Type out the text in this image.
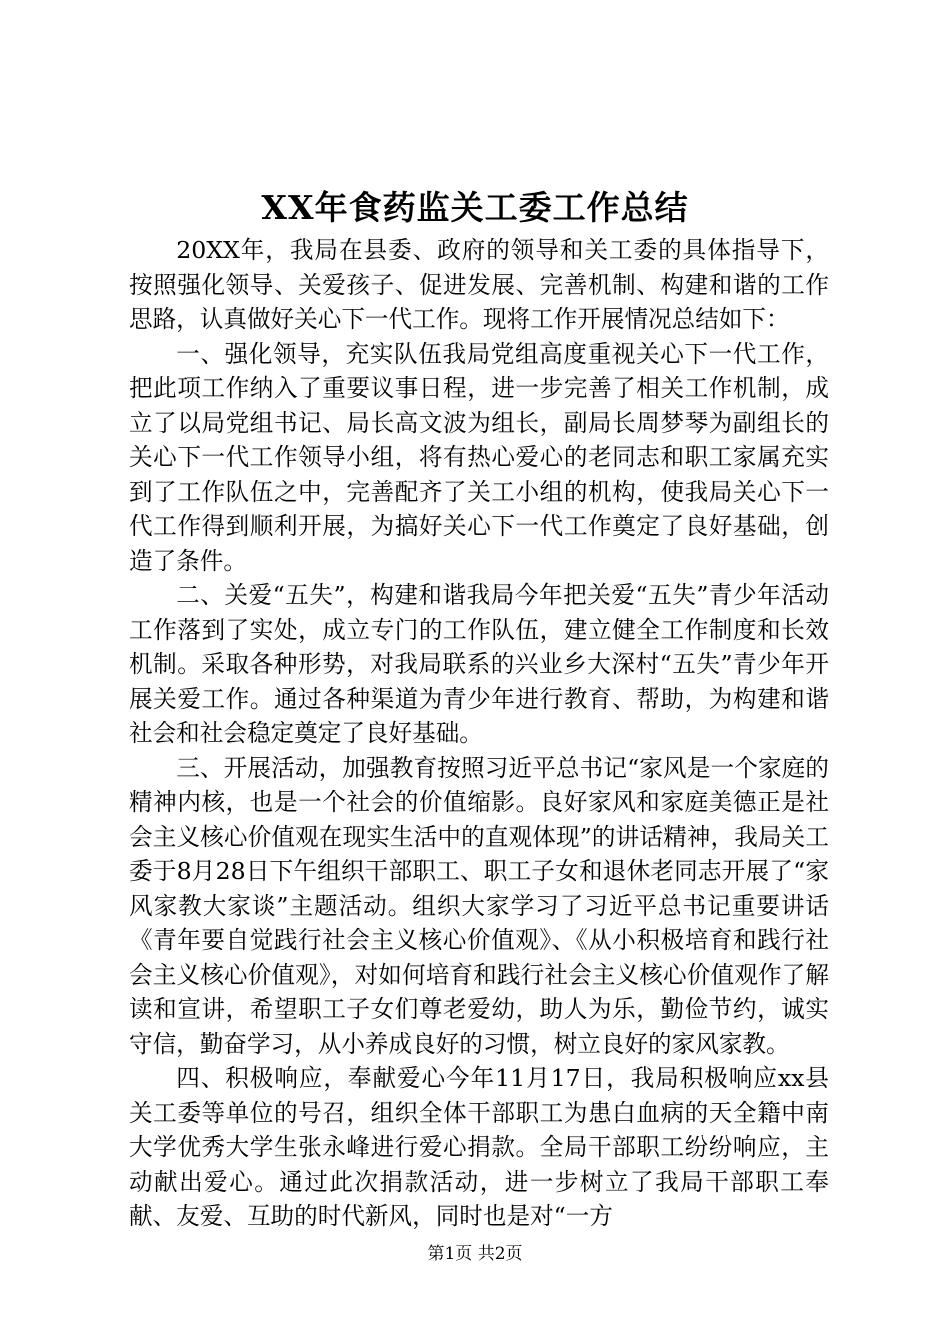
XX年食药监关工委工作总结

20XX年，我局在县委、政府的领导和关工委的具体指导下，按照强化领导、关爱孩子、促进发展、完善机制、构建和谐的工作思路，认真做好关心下一代工作。现将工作开展情况总结如下：

一、强化领导，充实队伍我局党组高度重视关心下一代工作，把此项工作纳入了重要议事日程，进一步完善了相关工作机制，成立了以局党组书记、局长高文波为组长，副局长周梦琴为副组长的关心下一代工作领导小组，将有热心爱心的老同志和职工家属充实到了工作队伍之中，完善配齐了关工小组的机构，使我局关心下一代工作得到顺利开展，为搞好关心下一代工作奠定了良好基础，创造了条件。

二、关爱“五失”，构建和谐我局今年把关爱“五失”青少年活动工作落到了实处，成立专门的工作队伍，建立健全工作制度和长效机制。采取各种形势，对我局联系的兴业乡大深村“五失”青少年开展关爱工作。通过各种渠道为青少年进行教育、帮助，为构建和谐社会和社会稳定奠定了良好基础。

三、开展活动，加强教育按照习近平总书记“家风是一个家庭的精神内核，也是一个社会的价值缩影。良好家风和家庭美德正是社会主义核心价值观在现实生活中的直观体现”的讲话精神，我局关工委于8月28日下午组织干部职工、职工子女和退休老同志开展了“家风家教大家谈”主题活动。组织大家学习了习近平总书记重要讲话《青年要自觉践行社会主义核心价值观》、《从小积极培育和践行社会主义核心价值观》，对如何培育和践行社会主义核心价值观作了解读和宣讲，希望职工子女们尊老爱幼，助人为乐，勤俭节约，诚实守信，勤奋学习，从小养成良好的习惯，树立良好的家风家教。

四、积极响应，奉献爱心今年11月17日，我局积极响应xx县关工委等单位的号召，组织全体干部职工为患白血病的天全籍中南大学优秀大学生张永峰进行爱心捐款。全局干部职工纷纷响应，主动献出爱心。通过此次捐款活动，进一步树立了我局干部职工奉献、友爱、互助的时代新风，同时也是对“一方

第1页 共2页
